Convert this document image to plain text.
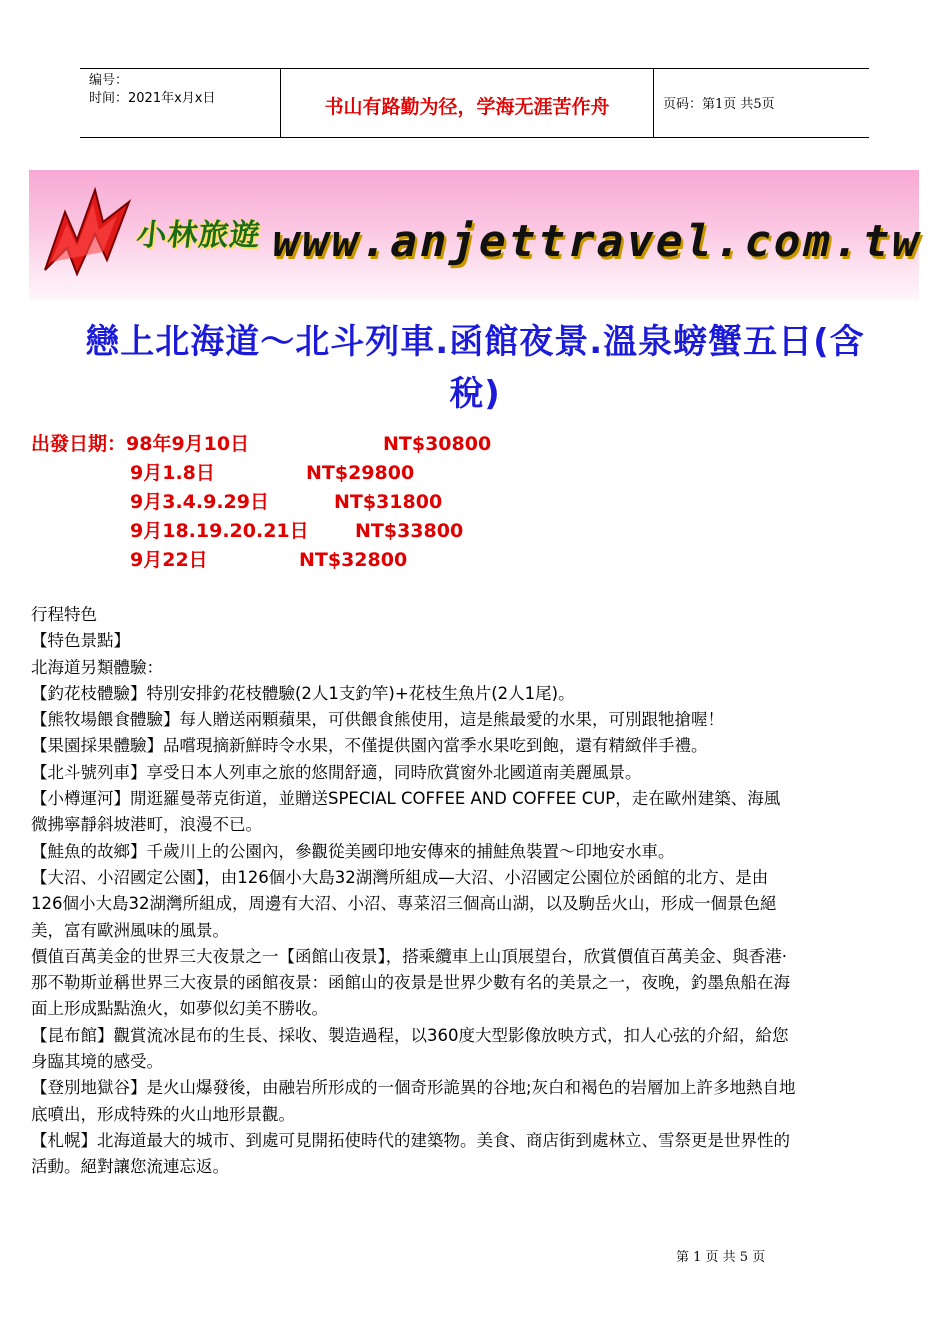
编号：
时间：2021年x月x日	书山有路勤为径，学海无涯苦作舟	页码：第1页 共5页
小林旅遊 www.anjettravel.com.tw
戀上北海道～北斗列車.函館夜景.溫泉螃蟹五日(含
稅)
出發日期：98年9月10日	NT$30800
9月1.8日	NT$29800
9月3.4.9.29日	NT$31800
9月18.19.20.21日 NT$33800
9月22日	NT$32800

行程特色

【特色景點】

北海道另類體驗：

【釣花枝體驗】特別安排釣花枝體驗(2人1支釣竿)+花枝生魚片(2人1尾)。

【熊牧場餵食體驗】每人贈送兩顆蘋果，可供餵食熊使用，這是熊最愛的水果，可別跟牠搶喔！

【果園採果體驗】品嚐現摘新鮮時令水果，不僅提供園內當季水果吃到飽，還有精緻伴手禮。

【北斗號列車】享受日本人列車之旅的悠閒舒適，同時欣賞窗外北國道南美麗風景。

【小樽運河】閒逛羅曼蒂克街道，並贈送SPECIAL COFFEE AND COFFEE CUP，走在歐州建築、海風

微拂寧靜斜坡港町，浪漫不已。

【鮭魚的故鄉】千歲川上的公園內，參觀從美國印地安傳來的捕鮭魚裝置～印地安水車。

【大沼、小沼國定公園】，由126個小大島32湖灣所組成—大沼、小沼國定公園位於函館的北方、是由

126個小大島32湖灣所組成，周邊有大沼、小沼、專菜沼三個高山湖，以及駒岳火山，形成一個景色絕

美，富有歐洲風味的風景。

價值百萬美金的世界三大夜景之一【函館山夜景】，搭乘纜車上山頂展望台，欣賞價值百萬美金、與香港·

那不勒斯並稱世界三大夜景的函館夜景：函館山的夜景是世界少數有名的美景之一，夜晚，釣墨魚船在海

面上形成點點漁火，如夢似幻美不勝收。

【昆布館】觀賞流冰昆布的生長、採收、製造過程，以360度大型影像放映方式，扣人心弦的介紹，給您

身臨其境的感受。

【登別地獄谷】是火山爆發後，由融岩所形成的一個奇形詭異的谷地;灰白和褐色的岩層加上許多地熱自地

底噴出，形成特殊的火山地形景觀。

【札幌】北海道最大的城市、到處可見開拓使時代的建築物。美食、商店街到處林立、雪祭更是世界性的

活動。絕對讓您流連忘返。

第 1 页 共 5 页
